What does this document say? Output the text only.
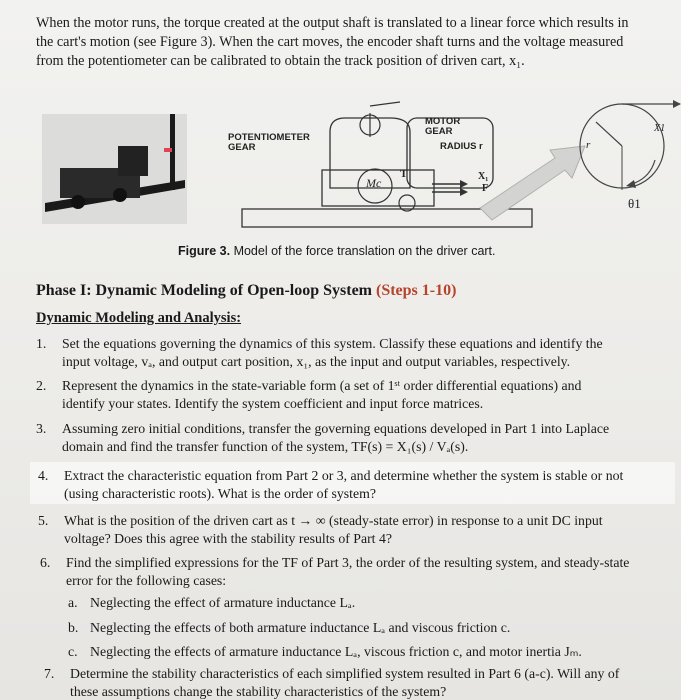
When the motor runs, the torque created at the output shaft is translated to a linear force which results in
the cart's motion (see Figure 3). When the cart moves, the encoder shaft turns and the voltage measured
from the potentiometer can be calibrated to obtain the track position of driven cart, x₁.
POTENTIOMETER
GEAR
MOTOR
GEAR
RADIUS r
Mc
T	X₁
F
r
X1
θ1
Figure 3. Model of the force translation on the driver cart.
Phase I: Dynamic Modeling of Open-loop System (Steps 1-10)
Dynamic Modeling and Analysis:
1. Set the equations governing the dynamics of this system. Classify these equations and identify the
input voltage, vₐ, and output cart position, x₁, as the input and output variables, respectively.
2. Represent the dynamics in the state-variable form (a set of 1ˢᵗ order differential equations) and
identify your states. Identify the system coefficient and input force matrices.
3. Assuming zero initial conditions, transfer the governing equations developed in Part 1 into Laplace
domain and find the transfer function of the system, TF(s) = X₁(s) / Vₐ(s).
4. Extract the characteristic equation from Part 2 or 3, and determine whether the system is stable or not
(using characteristic roots). What is the order of system?
5. What is the position of the driven cart as t → ∞ (steady-state error) in response to a unit DC input
voltage? Does this agree with the stability results of Part 4?
6. Find the simplified expressions for the TF of Part 3, the order of the resulting system, and steady-state
error for the following cases:
a. Neglecting the effect of armature inductance Lₐ.
b. Neglecting the effects of both armature inductance Lₐ and viscous friction c.
c. Neglecting the effects of armature inductance Lₐ, viscous friction c, and motor inertia Jₘ.
7. Determine the stability characteristics of each simplified system resulted in Part 6 (a-c). Will any of
these assumptions change the stability characteristics of the system?
